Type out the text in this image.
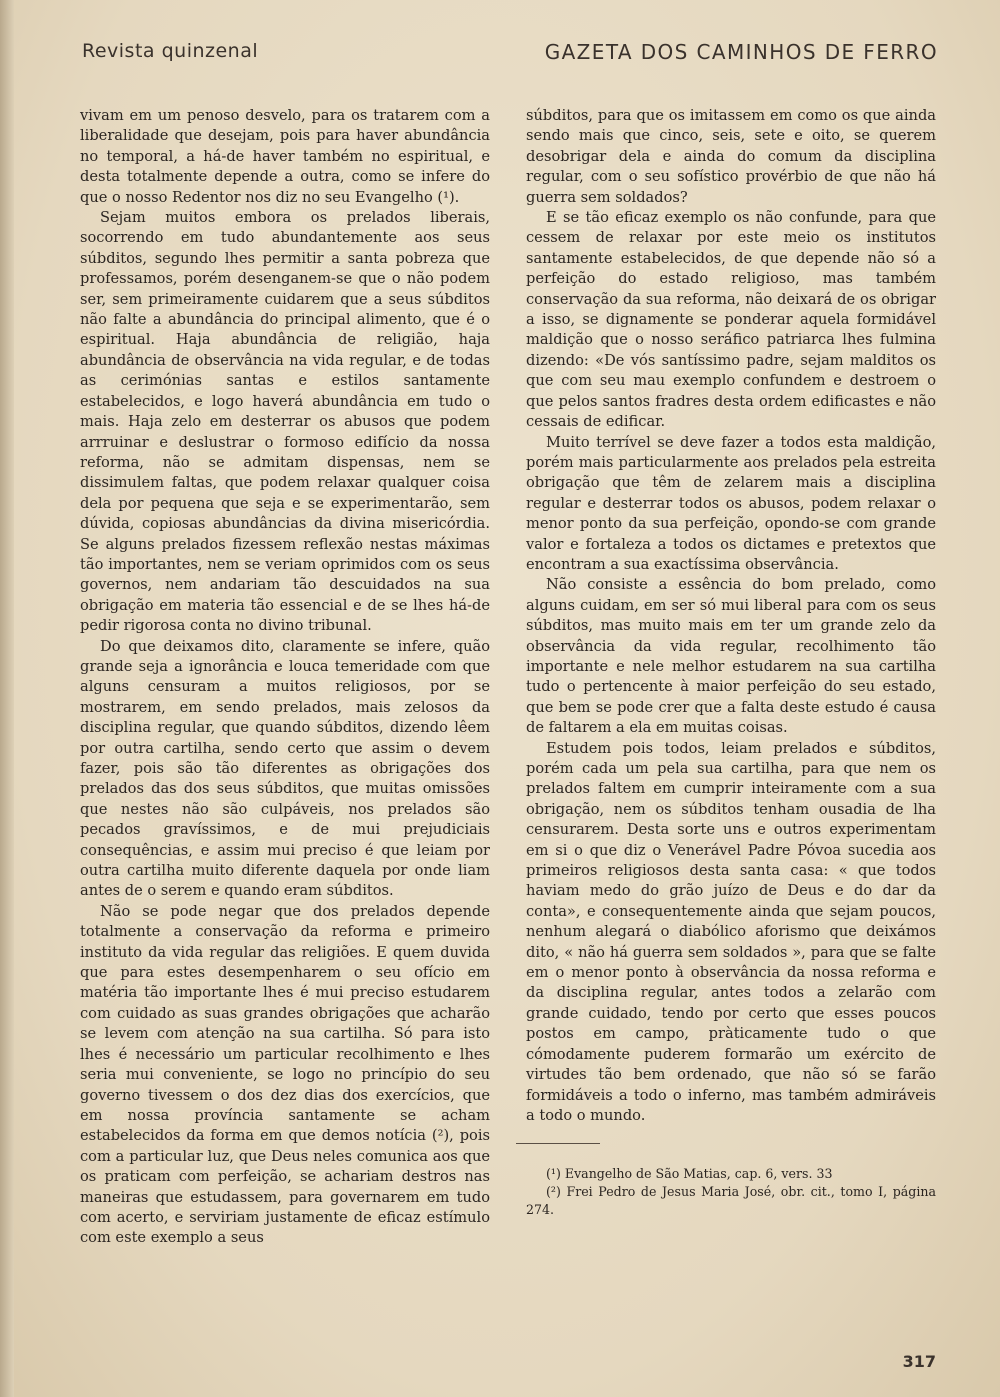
Revista quinzenal	GAZETA DOS CAMINHOS DE FERRO

vivam em um penoso desvelo, para os tratarem com a liberalidade que desejam, pois para haver abundância no temporal, a há-de haver também no espiritual, e desta totalmente depende a outra, como se infere do que o nosso Redentor nos diz no seu Evangelho (¹).

Sejam muitos embora os prelados liberais, socorrendo em tudo abundantemente aos seus súbditos, segundo lhes permitir a santa pobreza que professamos, porém desenganem-se que o não podem ser, sem primeiramente cuidarem que a seus súbditos não falte a abundância do principal alimento, que é o espiritual. Haja abundância de religião, haja abundância de observância na vida regular, e de todas as cerimónias santas e estilos santamente estabelecidos, e logo haverá abundância em tudo o mais. Haja zelo em desterrar os abusos que podem arrruinar e deslustrar o formoso edifício da nossa reforma, não se admitam dispensas, nem se dissimulem faltas, que podem relaxar qualquer coisa dela por pequena que seja e se experimentarão, sem dúvida, copiosas abundâncias da divina misericórdia. Se alguns prelados fizessem reflexão nestas máximas tão importantes, nem se veriam oprimidos com os seus governos, nem andariam tão descuidados na sua obrigação em materia tão essencial e de se lhes há-de pedir rigorosa conta no divino tribunal.

Do que deixamos dito, claramente se infere, quão grande seja a ignorância e louca temeridade com que alguns censuram a muitos religiosos, por se mostrarem, em sendo prelados, mais zelosos da disciplina regular, que quando súbditos, dizendo lêem por outra cartilha, sendo certo que assim o devem fazer, pois são tão diferentes as obrigações dos prelados das dos seus súbditos, que muitas omissões que nestes não são culpáveis, nos prelados são pecados gravíssimos, e de mui prejudiciais consequências, e assim mui preciso é que leiam por outra cartilha muito diferente daquela por onde liam antes de o serem e quando eram súbditos.

Não se pode negar que dos prelados depende totalmente a conservação da reforma e primeiro instituto da vida regular das religiões. E quem duvida que para estes desempenharem o seu ofício em matéria tão importante lhes é mui preciso estudarem com cuidado as suas grandes obrigações que acharão se levem com atenção na sua cartilha. Só para isto lhes é necessário um particular recolhimento e lhes seria mui conveniente, se logo no princípio do seu governo tivessem o dos dez dias dos exercícios, que em nossa província santamente se acham estabelecidos da forma em que demos notícia (²), pois com a particular luz, que Deus neles comunica aos que os praticam com perfeição, se achariam destros nas maneiras que estudassem, para governarem em tudo com acerto, e serviriam justamente de eficaz estímulo com este exemplo a seus

súbditos, para que os imitassem em como os que ainda sendo mais que cinco, seis, sete e oito, se querem desobrigar dela e ainda do comum da disciplina regular, com o seu sofístico provérbio de que não há guerra sem soldados?

E se tão eficaz exemplo os não confunde, para que cessem de relaxar por este meio os institutos santamente estabelecidos, de que depende não só a perfeição do estado religioso, mas também conservação da sua reforma, não deixará de os obrigar a isso, se dignamente se ponderar aquela formidável maldição que o nosso seráfico patriarca lhes fulmina dizendo: «De vós santíssimo padre, sejam malditos os que com seu mau exemplo confundem e destroem o que pelos santos fradres desta ordem edificastes e não cessais de edificar.

Muito terrível se deve fazer a todos esta maldição, porém mais particularmente aos prelados pela estreita obrigação que têm de zelarem mais a disciplina regular e desterrar todos os abusos, podem relaxar o menor ponto da sua perfeição, opondo-se com grande valor e fortaleza a todos os dictames e pretextos que encontram a sua exactíssima observância.

Não consiste a essência do bom prelado, como alguns cuidam, em ser só mui liberal para com os seus súbditos, mas muito mais em ter um grande zelo da observância da vida regular, recolhimento tão importante e nele melhor estudarem na sua cartilha tudo o pertencente à maior perfeição do seu estado, que bem se pode crer que a falta deste estudo é causa de faltarem a ela em muitas coisas.

Estudem pois todos, leiam prelados e súbditos, porém cada um pela sua cartilha, para que nem os prelados faltem em cumprir inteiramente com a sua obrigação, nem os súbditos tenham ousadia de lha censurarem. Desta sorte uns e outros experimentam em si o que diz o Venerável Padre Póvoa sucedia aos primeiros religiosos desta santa casa: « que todos haviam medo do grão juízo de Deus e do dar da conta», e consequentemente ainda que sejam poucos, nenhum alegará o diabólico aforismo que deixámos dito, « não há guerra sem soldados », para que se falte em o menor ponto à observância da nossa reforma e da disciplina regular, antes todos a zelarão com grande cuidado, tendo por certo que esses poucos postos em campo, pràticamente tudo o que cómodamente puderem formarão um exército de virtudes tão bem ordenado, que não só se farão formidáveis a todo o inferno, mas também admiráveis a todo o mundo.

(¹) Evangelho de São Matias, cap. 6, vers. 33

(²) Frei Pedro de Jesus Maria José, obr. cit., tomo I, página 274.

317
